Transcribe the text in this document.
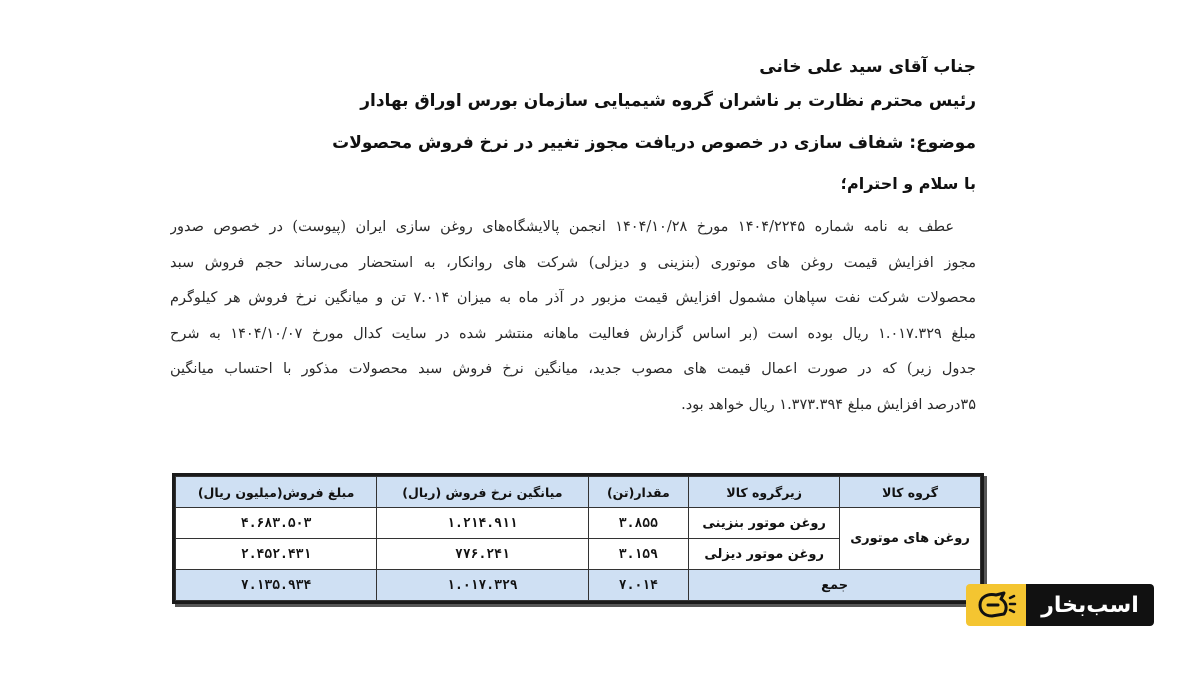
جناب آقای سید علی خانی
رئیس محترم نظارت بر ناشران گروه شیمیایی سازمان بورس اوراق بهادار
موضوع: شفاف سازی در خصوص دریافت مجوز تغییر در نرخ فروش محصولات
با سلام و احترام؛
عطف به نامه شماره ۱۴۰۴/۲۲۴۵ مورخ ۱۴۰۴/۱۰/۲۸ انجمن پالایشگاه‌های روغن سازی ایران (پیوست) در خصوص صدور
مجوز افزایش قیمت روغن های موتوری (بنزینی و دیزلی) شرکت های روانکار، به استحضار می‌رساند حجم فروش سبد
محصولات شرکت نفت سپاهان مشمول افزایش قیمت مزبور در آذر ماه به میزان ۷.۰۱۴ تن و میانگین نرخ فروش هر کیلوگرم
مبلغ ۱.۰۱۷.۳۲۹ ریال بوده است (بر اساس گزارش فعالیت ماهانه منتشر شده در سایت کدال مورخ ۱۴۰۴/۱۰/۰۷ به شرح
جدول زیر) که در صورت اعمال قیمت های مصوب جدید، میانگین نرخ فروش سبد محصولات مذکور با احتساب میانگین
۳۵درصد افزایش مبلغ ۱.۳۷۳.۳۹۴ ریال خواهد بود.
گروه کالا	زیرگروه کالا	مقدار(تن)	میانگین نرخ فروش (ریال)	مبلغ فروش(میلیون ریال)
روغن های موتوری	روغن موتور بنزینی	۳.۸۵۵	۱.۲۱۴.۹۱۱	۴.۶۸۳.۵۰۳
	روغن موتور دیزلی	۳.۱۵۹	۷۷۶.۲۴۱	۲.۴۵۲.۴۳۱
جمع		۷.۰۱۴	۱.۰۱۷.۳۲۹	۷.۱۳۵.۹۳۴
اسب‌بخار
